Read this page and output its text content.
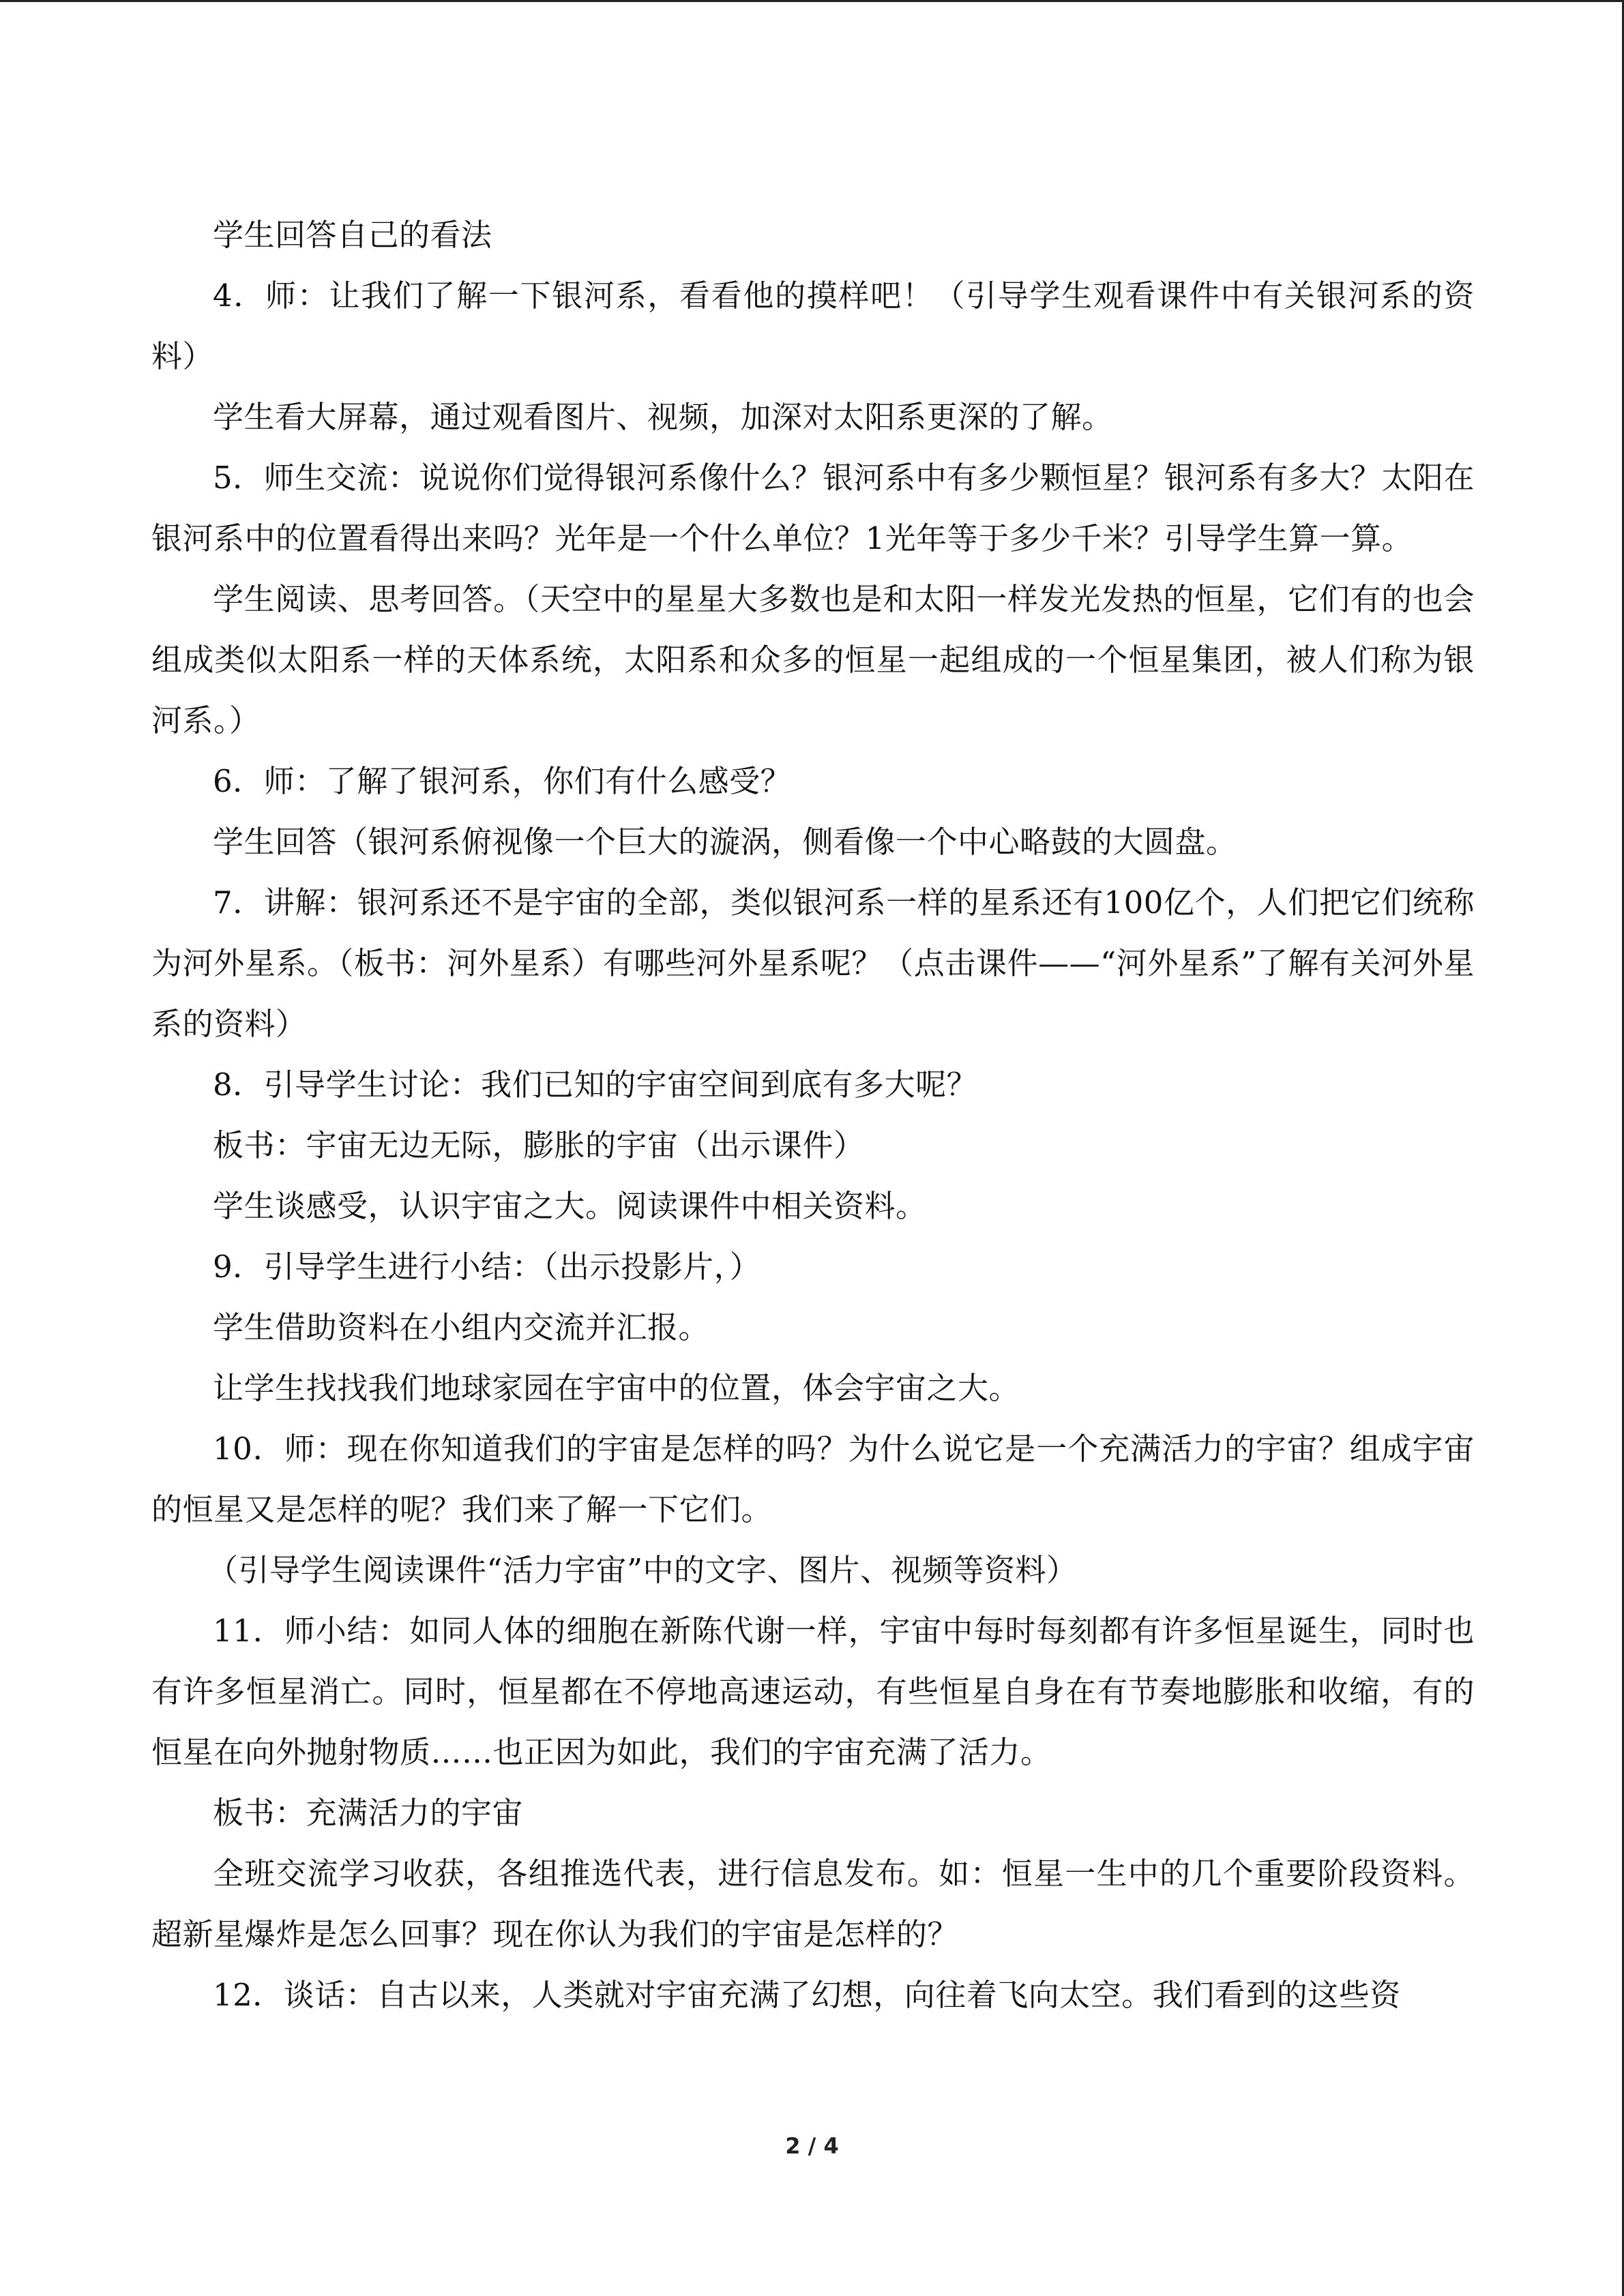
学生回答自己的看法

4．师：让我们了解一下银河系，看看他的摸样吧！（引导学生观看课件中有关银河系的资料）

学生看大屏幕，通过观看图片、视频，加深对太阳系更深的了解。

5．师生交流：说说你们觉得银河系像什么？银河系中有多少颗恒星？银河系有多大？太阳在银河系中的位置看得出来吗？光年是一个什么单位？1光年等于多少千米？引导学生算一算。

学生阅读、思考回答。（天空中的星星大多数也是和太阳一样发光发热的恒星，它们有的也会组成类似太阳系一样的天体系统，太阳系和众多的恒星一起组成的一个恒星集团，被人们称为银河系。）

6．师：了解了银河系，你们有什么感受？

学生回答（银河系俯视像一个巨大的漩涡，侧看像一个中心略鼓的大圆盘。

7．讲解：银河系还不是宇宙的全部，类似银河系一样的星系还有100亿个，人们把它们统称为河外星系。（板书：河外星系）有哪些河外星系呢？（点击课件——“河外星系”了解有关河外星系的资料）

8．引导学生讨论：我们已知的宇宙空间到底有多大呢？

板书：宇宙无边无际，膨胀的宇宙（出示课件）

学生谈感受，认识宇宙之大。阅读课件中相关资料。

9．引导学生进行小结：（出示投影片，）

学生借助资料在小组内交流并汇报。

让学生找找我们地球家园在宇宙中的位置，体会宇宙之大。

10．师：现在你知道我们的宇宙是怎样的吗？为什么说它是一个充满活力的宇宙？组成宇宙的恒星又是怎样的呢？我们来了解一下它们。

（引导学生阅读课件“活力宇宙”中的文字、图片、视频等资料）

11．师小结：如同人体的细胞在新陈代谢一样，宇宙中每时每刻都有许多恒星诞生，同时也有许多恒星消亡。同时，恒星都在不停地高速运动，有些恒星自身在有节奏地膨胀和收缩，有的恒星在向外抛射物质……也正因为如此，我们的宇宙充满了活力。

板书：充满活力的宇宙

全班交流学习收获，各组推选代表，进行信息发布。如：恒星一生中的几个重要阶段资料。超新星爆炸是怎么回事？现在你认为我们的宇宙是怎样的？

12．谈话：自古以来，人类就对宇宙充满了幻想，向往着飞向太空。我们看到的这些资

2 / 4
